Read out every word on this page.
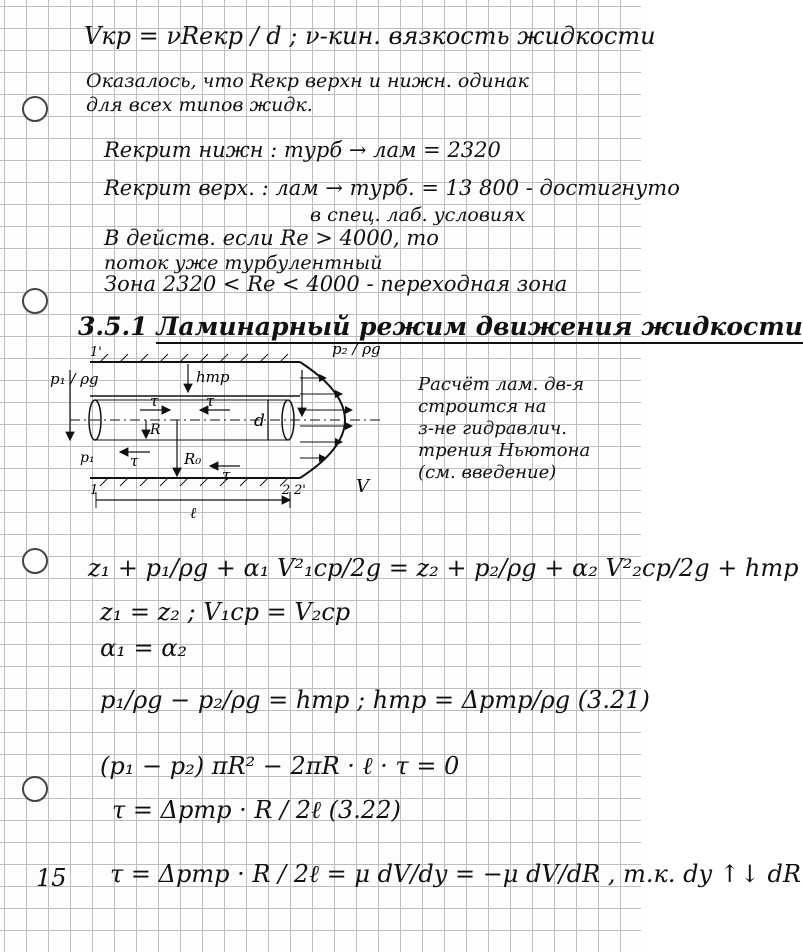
Vкр = νRекр / d ; ν-кин. вязкость жидкости
Оказалось, что Reкр верхн и нижн. одинак
для всех типов жидк.
Reкрит нижн : турб → лам = 2320
Reкрит верх. : лам → турб. = 13 800 - достигнуто
в спец. лаб. условиях
В действ. если Re > 4000, то
поток уже турбулентный
Зона 2320 < Re < 4000 - переходная зона
3.5.1 Ламинарный режим движения жидкости
p₁ / ρg
p₂ / ρg
hтр
p₁
τ	τ
τ
τ
R
R₀
d
1
1'
2 2'
ℓ
V
Расчёт лам. дв-я
строится на
з-не гидравлич.
трения Ньютона
(см. введение)
z₁ + p₁/ρg + α₁ V²₁ср/2g = z₂ + p₂/ρg + α₂ V²₂ср/2g + hтр
z₁ = z₂ ; V₁ср = V₂ср
α₁ = α₂
p₁/ρg − p₂/ρg = hтр ; hтр = Δpтр/ρg (3.21)
(p₁ − p₂) πR² − 2πR · ℓ · τ = 0
τ = Δpтр · R / 2ℓ (3.22)
τ = Δpтр · R / 2ℓ = μ dV/dy = −μ dV/dR , т.к. dy ↑↓ dR
15
